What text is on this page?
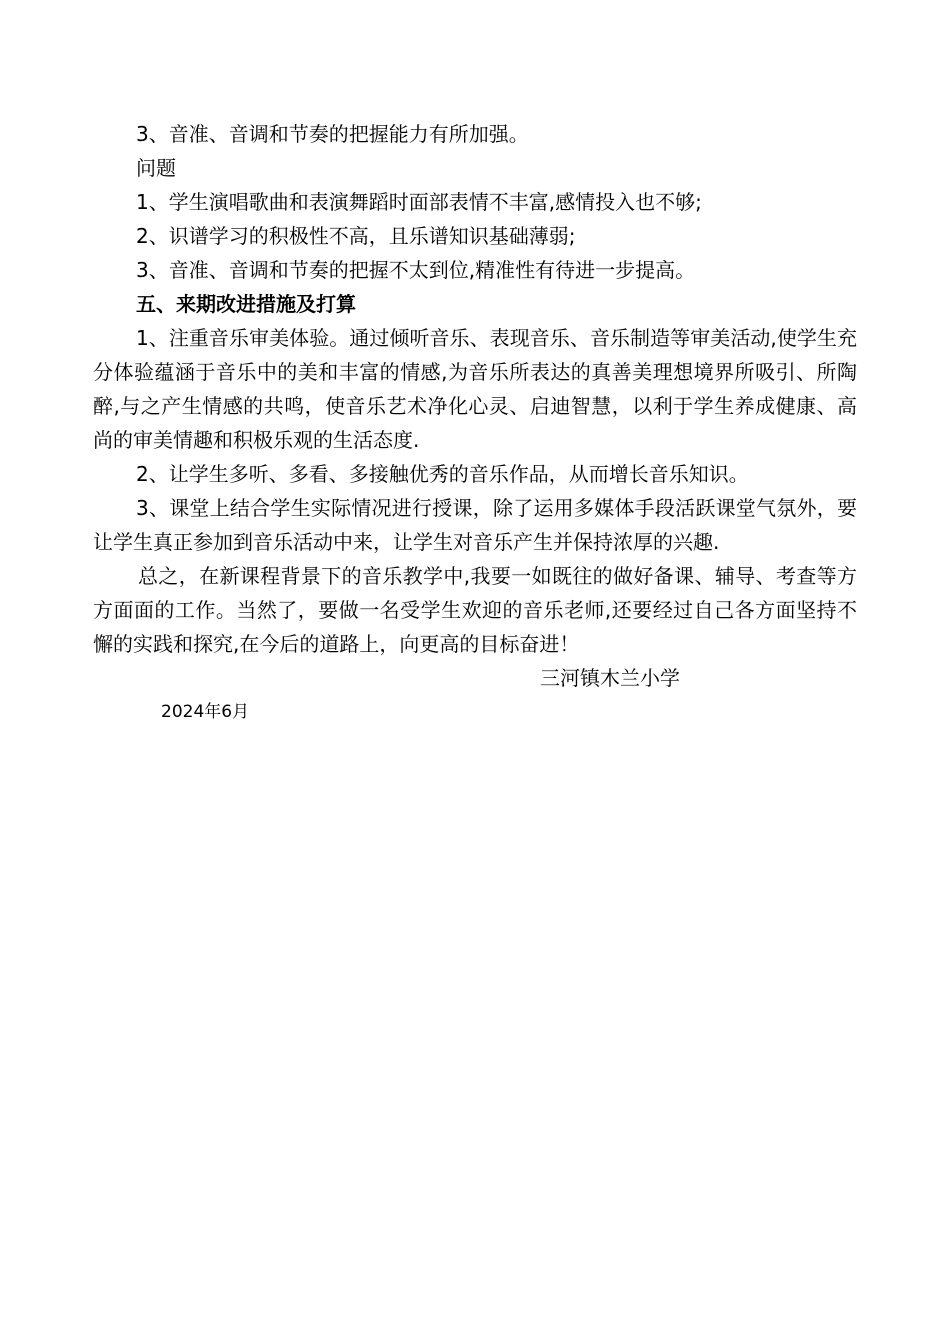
3、音准、音调和节奏的把握能力有所加强。
问题
1、学生演唱歌曲和表演舞蹈时面部表情不丰富,感情投入也不够;
2、识谱学习的积极性不高，且乐谱知识基础薄弱;
3、音准、音调和节奏的把握不太到位,精准性有待进一步提高。
五、来期改进措施及打算
1、注重音乐审美体验。通过倾听音乐、表现音乐、音乐制造等审美活动,使学生充分体验蕴涵于音乐中的美和丰富的情感,为音乐所表达的真善美理想境界所吸引、所陶醉,与之产生情感的共鸣，使音乐艺术净化心灵、启迪智慧，以利于学生养成健康、高尚的审美情趣和积极乐观的生活态度.
2、让学生多听、多看、多接触优秀的音乐作品，从而增长音乐知识。
3、课堂上结合学生实际情况进行授课，除了运用多媒体手段活跃课堂气氛外，要让学生真正参加到音乐活动中来，让学生对音乐产生并保持浓厚的兴趣.
总之，在新课程背景下的音乐教学中,我要一如既往的做好备课、辅导、考查等方方面面的工作。当然了，要做一名受学生欢迎的音乐老师,还要经过自己各方面坚持不懈的实践和探究,在今后的道路上，向更高的目标奋进！
三河镇木兰小学
2024年6月
